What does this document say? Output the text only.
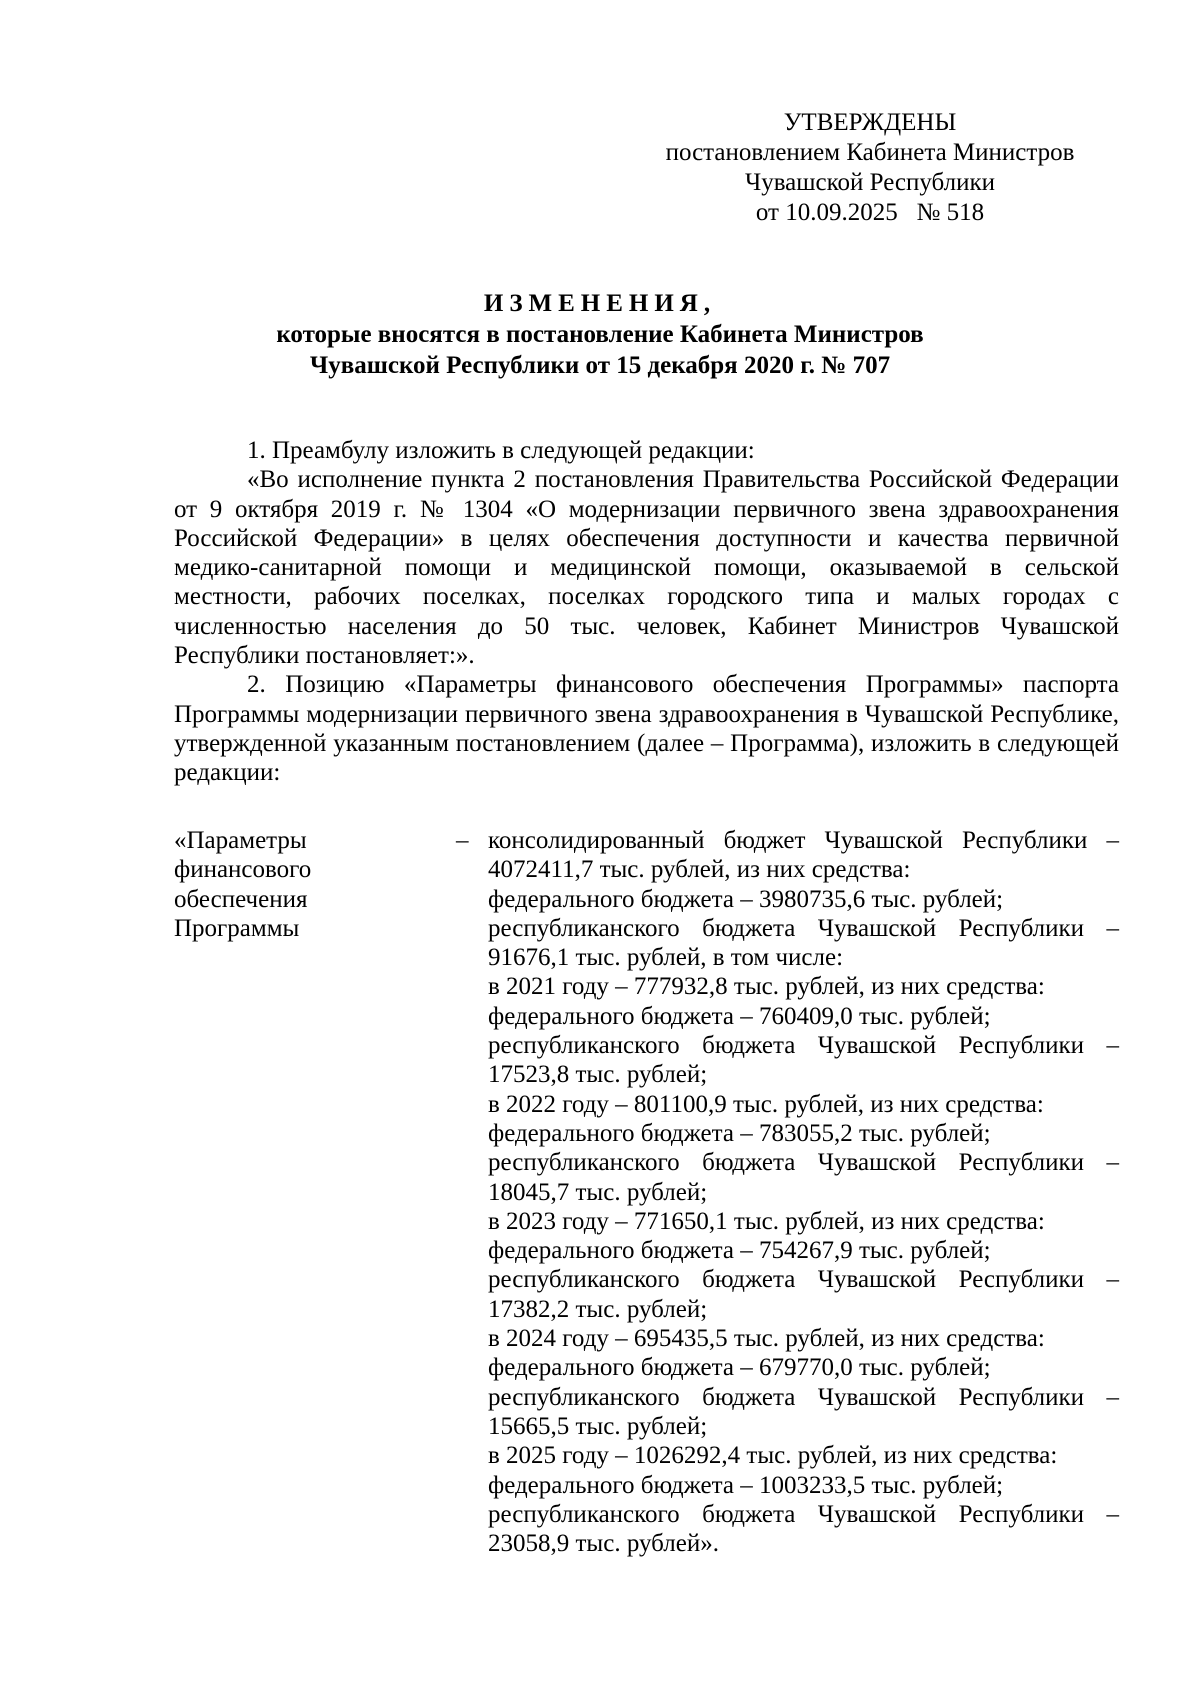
УТВЕРЖДЕНЫ
постановлением Кабинета Министров
Чувашской Республики
от 10.09.2025   № 518
ИЗМЕНЕНИЯ,
которые вносятся в постановление Кабинета Министров
Чувашской Республики от 15 декабря 2020 г. № 707

1. Преамбулу изложить в следующей редакции:

«Во исполнение пункта 2 постановления Правительства Российской Федерации от 9 октября 2019 г. № 1304 «О модернизации первичного звена здравоохранения Российской Федерации» в целях обеспечения доступности и качества первичной медико-санитарной помощи и медицинской помощи, оказываемой в сельской местности, рабочих поселках, поселках городского типа и малых городах с численностью населения до 50 тыс. человек, Кабинет Министров Чувашской Республики постановляет:».

2. Позицию «Параметры финансового обеспечения Программы» паспорта Программы модернизации первичного звена здравоохранения в Чувашской Республике, утвержденной указанным постановлением (далее – Программа), изложить в следующей редакции:

«Параметры финансового обеспечения Программы
– консолидированный бюджет Чувашской Республики – 4072411,7 тыс. рублей, из них средства:
федерального бюджета – 3980735,6 тыс. рублей;
республиканского бюджета Чувашской Республики – 91676,1 тыс. рублей, в том числе:
в 2021 году – 777932,8 тыс. рублей, из них средства:
федерального бюджета – 760409,0 тыс. рублей;
республиканского бюджета Чувашской Республики – 17523,8 тыс. рублей;
в 2022 году – 801100,9 тыс. рублей, из них средства:
федерального бюджета – 783055,2 тыс. рублей;
республиканского бюджета Чувашской Республики – 18045,7 тыс. рублей;
в 2023 году – 771650,1 тыс. рублей, из них средства:
федерального бюджета – 754267,9 тыс. рублей;
республиканского бюджета Чувашской Республики – 17382,2 тыс. рублей;
в 2024 году – 695435,5 тыс. рублей, из них средства:
федерального бюджета – 679770,0 тыс. рублей;
республиканского бюджета Чувашской Республики – 15665,5 тыс. рублей;
в 2025 году – 1026292,4 тыс. рублей, из них средства:
федерального бюджета – 1003233,5 тыс. рублей;
республиканского бюджета Чувашской Республики – 23058,9 тыс. рублей».
